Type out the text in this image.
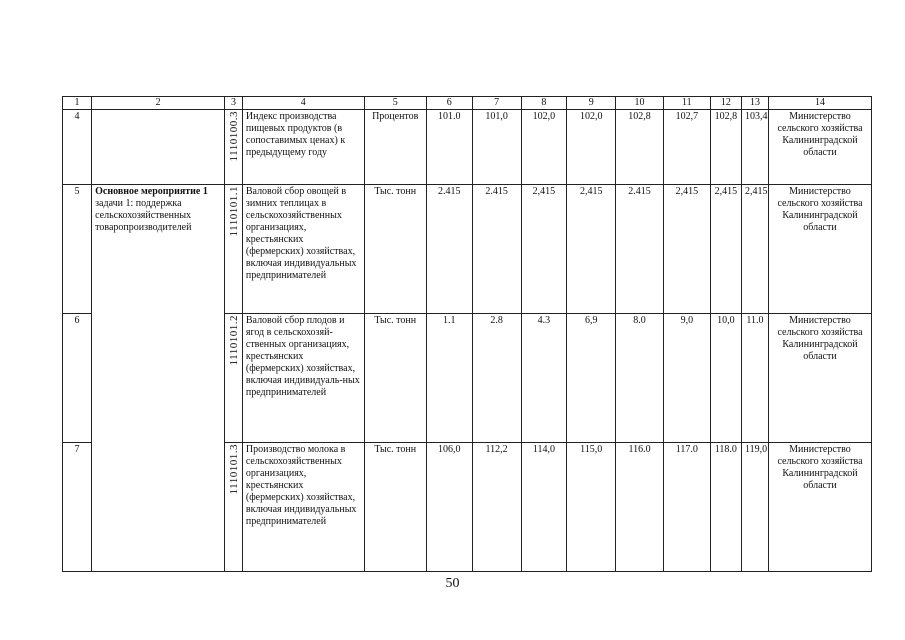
1	2	3	4	5	6	7	8	9	10	11	12	13	14
4		1110100.3	Индекс производства пищевых продуктов (в сопоставимых ценах) к предыдущему году	Процентов	101.0	101,0	102,0	102,0	102,8	102,7	102,8	103,4	Министерство сельского хозяйства Калининградской области
5	Основное мероприятие 1
задачи 1: поддержка сельскохозяйственных товаропроизводителей	1110101.1	Валовой сбор овощей в зимних теплицах в сельскохозяйственных организациях, крестьянских (фермерских) хозяйствах, включая индивидуальных предпринимателей	Тыс. тонн	2.415	2.415	2,415	2,415	2.415	2,415	2,415	2,415	Министерство сельского хозяйства Калининградской области
6		1110101.2	Валовой сбор плодов и ягод в сельскохозяй-ственных организациях, крестьянских (фермерских) хозяйствах, включая индивидуаль-ных предпринимателей	Тыс. тонн	1.1	2.8	4.3	6,9	8.0	9,0	10,0	11.0	Министерство сельского хозяйства Калининградской области
7		1110101.3	Производство молока в сельскохозяйственных организациях, крестьянских (фермерских) хозяйствах, включая индивидуальных предпринимателей	Тыс. тонн	106,0	112,2	114,0	115,0	116.0	117.0	118.0	119,0	Министерство сельского хозяйства Калининградской области
50
